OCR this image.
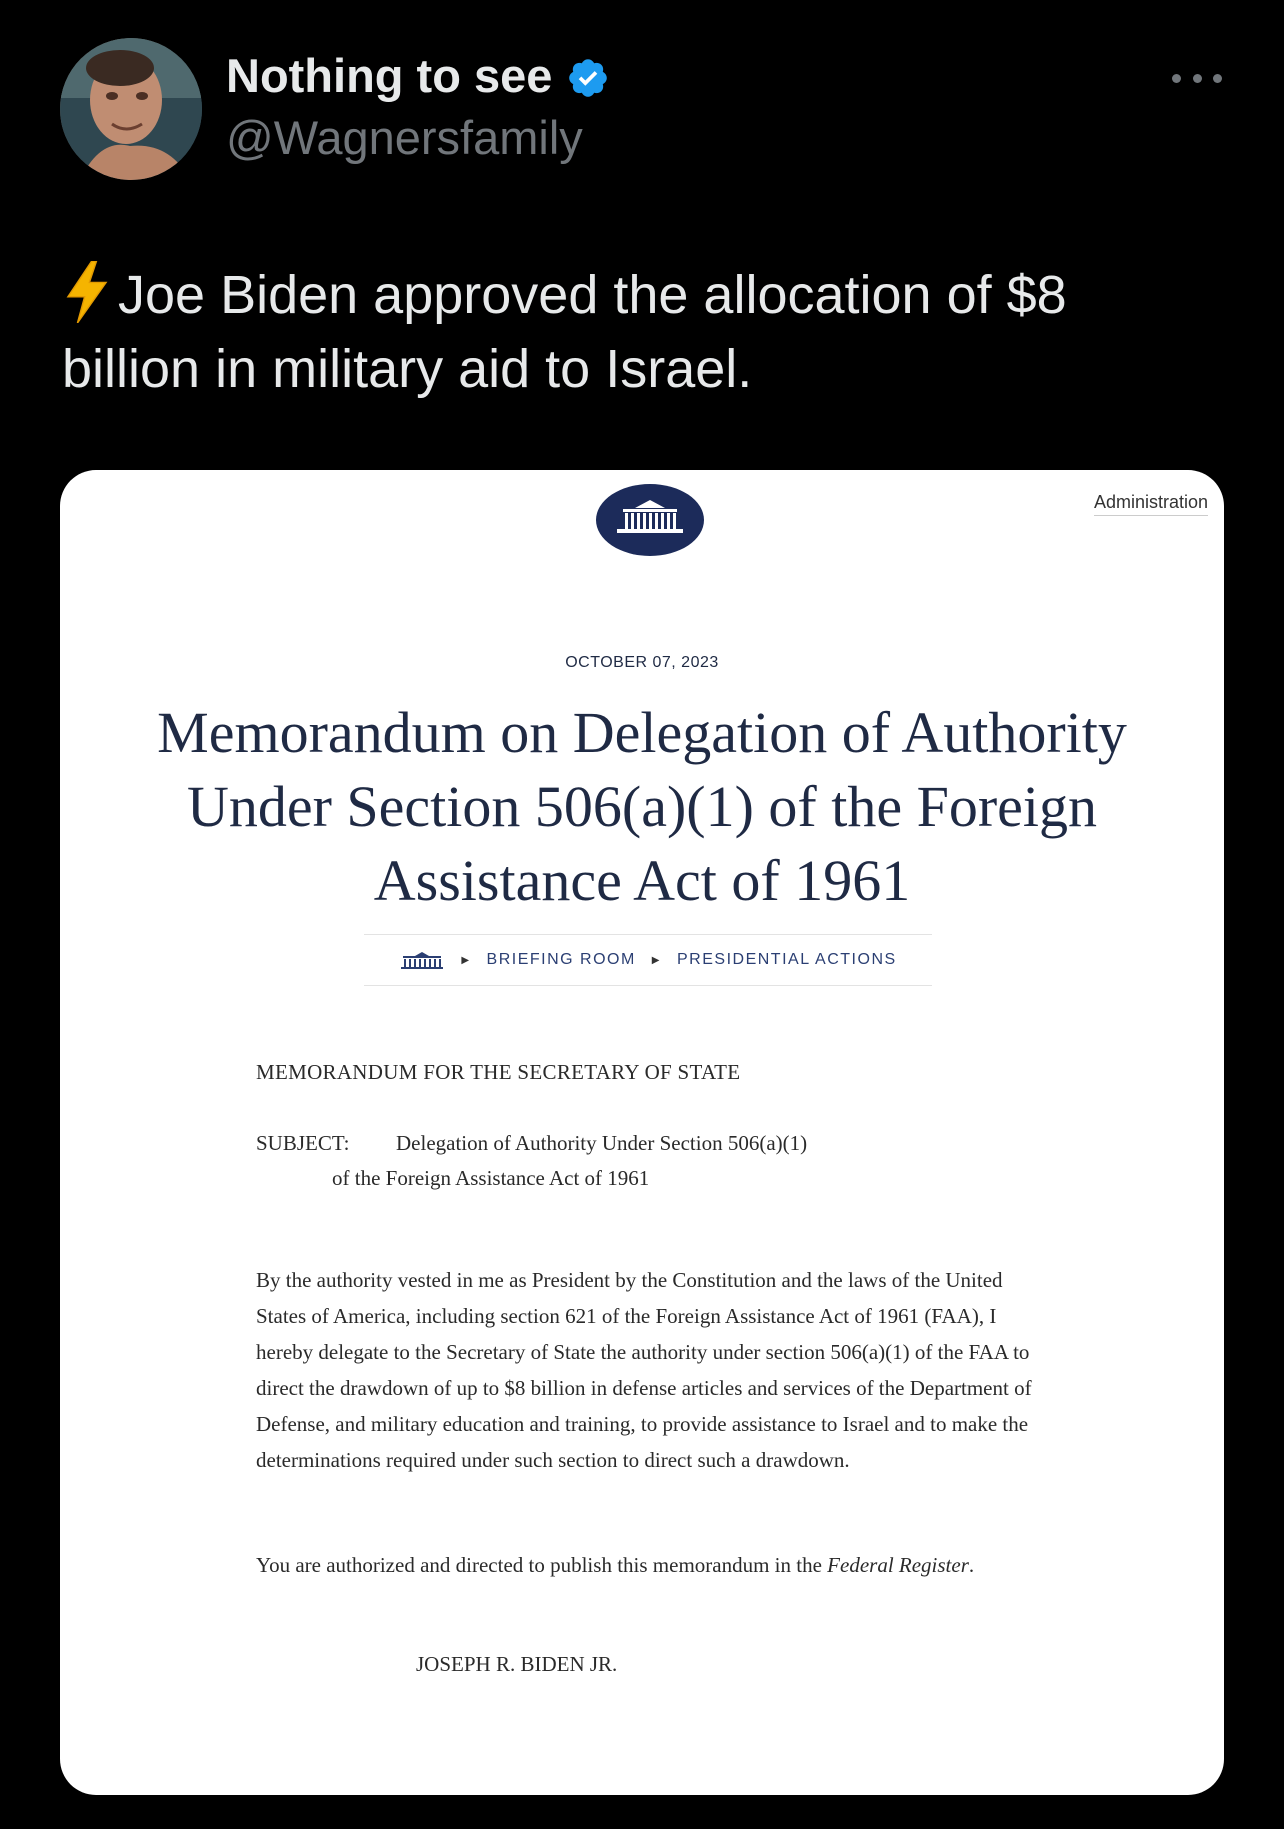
Nothing to see
@Wagnersfamily
Joe Biden approved the allocation of $8 billion in military aid to Israel.
Administration
OCTOBER 07, 2023
Memorandum on Delegation of Authority Under Section 506(a)(1) of the Foreign Assistance Act of 1961
▶ BRIEFING ROOM ▶ PRESIDENTIAL ACTIONS
MEMORANDUM FOR THE SECRETARY OF STATE
SUBJECT: Delegation of Authority Under Section 506(a)(1)
of the Foreign Assistance Act of 1961
By the authority vested in me as President by the Constitution and the laws of the United States of America, including section 621 of the Foreign Assistance Act of 1961 (FAA), I hereby delegate to the Secretary of State the authority under section 506(a)(1) of the FAA to direct the drawdown of up to $8 billion in defense articles and services of the Department of Defense, and military education and training, to provide assistance to Israel and to make the determinations required under such section to direct such a drawdown.
You are authorized and directed to publish this memorandum in the Federal Register.
JOSEPH R. BIDEN JR.
